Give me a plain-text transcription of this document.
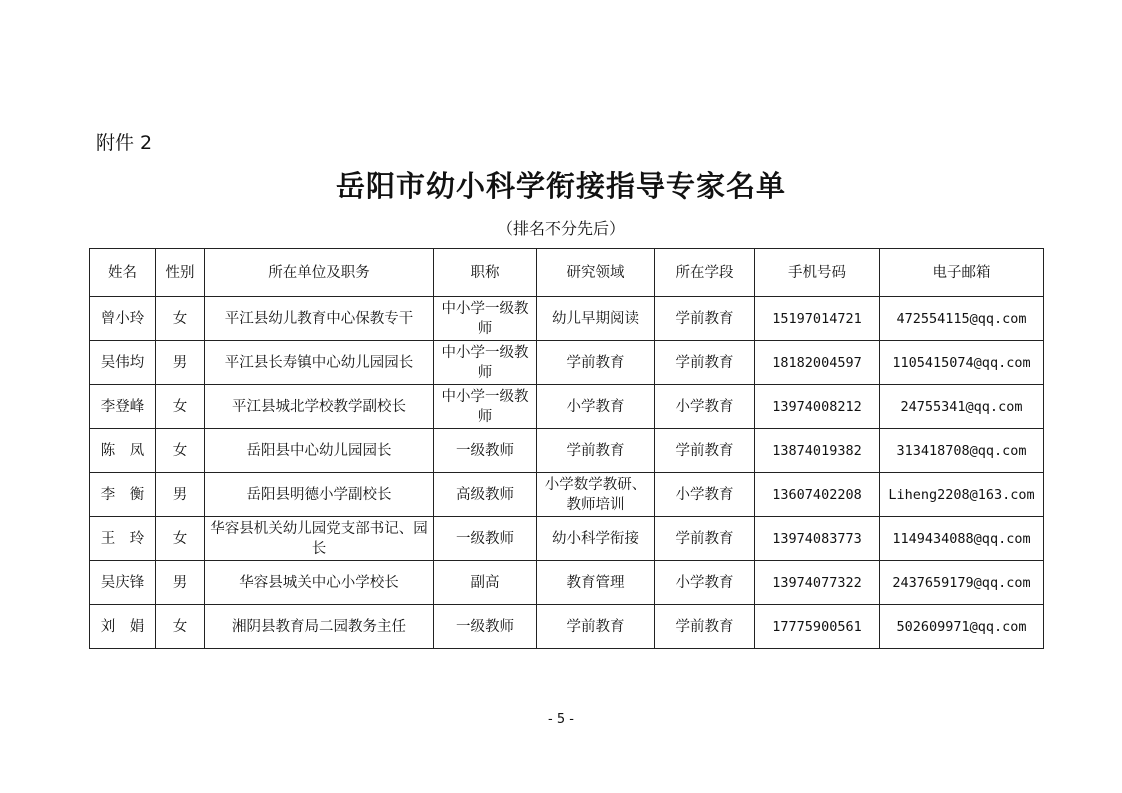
附件 2
岳阳市幼小科学衔接指导专家名单
（排名不分先后）
姓名	性别	所在单位及职务	职称	研究领域	所在学段	手机号码	电子邮箱
曾小玲	女	平江县幼儿教育中心保教专干	中小学一级教师	幼儿早期阅读	学前教育	15197014721	472554115@qq.com
吴伟均	男	平江县长寿镇中心幼儿园园长	中小学一级教师	学前教育	学前教育	18182004597	1105415074@qq.com
李登峰	女	平江县城北学校教学副校长	中小学一级教师	小学教育	小学教育	13974008212	24755341@qq.com
陈　凤	女	岳阳县中心幼儿园园长	一级教师	学前教育	学前教育	13874019382	313418708@qq.com
李　衡	男	岳阳县明德小学副校长	高级教师	小学数学教研、教师培训	小学教育	13607402208	Liheng2208@163.com
王　玲	女	华容县机关幼儿园党支部书记、园长	一级教师	幼小科学衔接	学前教育	13974083773	1149434088@qq.com
吴庆锋	男	华容县城关中心小学校长	副高	教育管理	小学教育	13974077322	2437659179@qq.com
刘　娟	女	湘阴县教育局二园教务主任	一级教师	学前教育	学前教育	17775900561	502609971@qq.com
- 5 -
